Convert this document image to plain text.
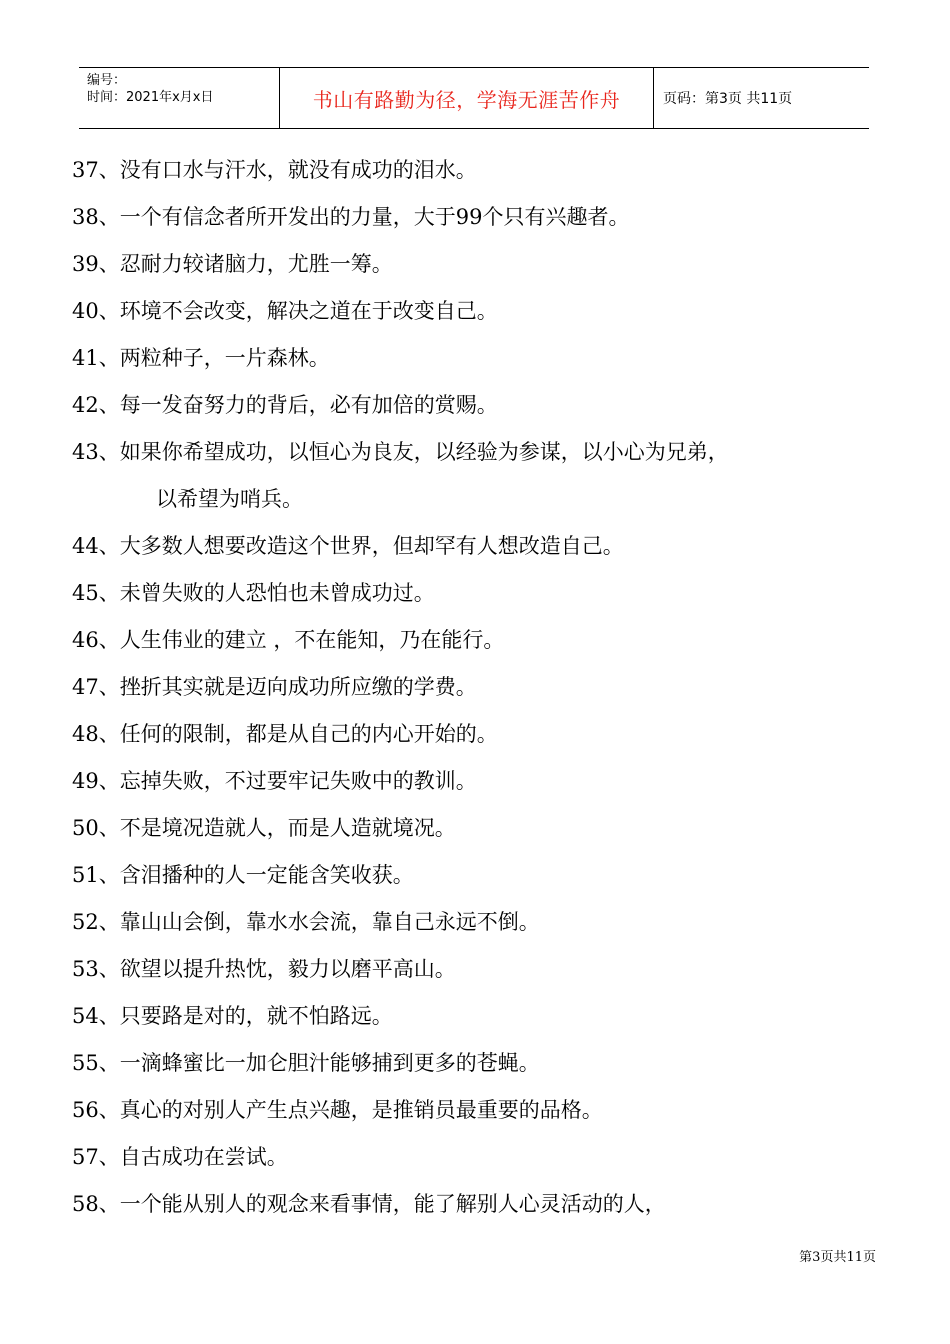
编号：
时间：2021年x月x日	书山有路勤为径，学海无涯苦作舟	页码：第3页 共11页
37、没有口水与汗水，就没有成功的泪水。
38、一个有信念者所开发出的力量，大于99个只有兴趣者。
39、忍耐力较诸脑力，尤胜一筹。
40、环境不会改变，解决之道在于改变自己。
41、两粒种子，一片森林。
42、每一发奋努力的背后，必有加倍的赏赐。
43、如果你希望成功，以恒心为良友，以经验为参谋，以小心为兄弟，
以希望为哨兵。
44、大多数人想要改造这个世界，但却罕有人想改造自己。
45、未曾失败的人恐怕也未曾成功过。
46、人生伟业的建立 ，不在能知，乃在能行。
47、挫折其实就是迈向成功所应缴的学费。
48、任何的限制，都是从自己的内心开始的。
49、忘掉失败，不过要牢记失败中的教训。
50、不是境况造就人，而是人造就境况。
51、含泪播种的人一定能含笑收获。
52、靠山山会倒，靠水水会流，靠自己永远不倒。
53、欲望以提升热忱，毅力以磨平高山。
54、只要路是对的，就不怕路远。
55、一滴蜂蜜比一加仑胆汁能够捕到更多的苍蝇。
56、真心的对别人产生点兴趣，是推销员最重要的品格。
57、自古成功在尝试。
58、一个能从别人的观念来看事情，能了解别人心灵活动的人，
第3页共11页
